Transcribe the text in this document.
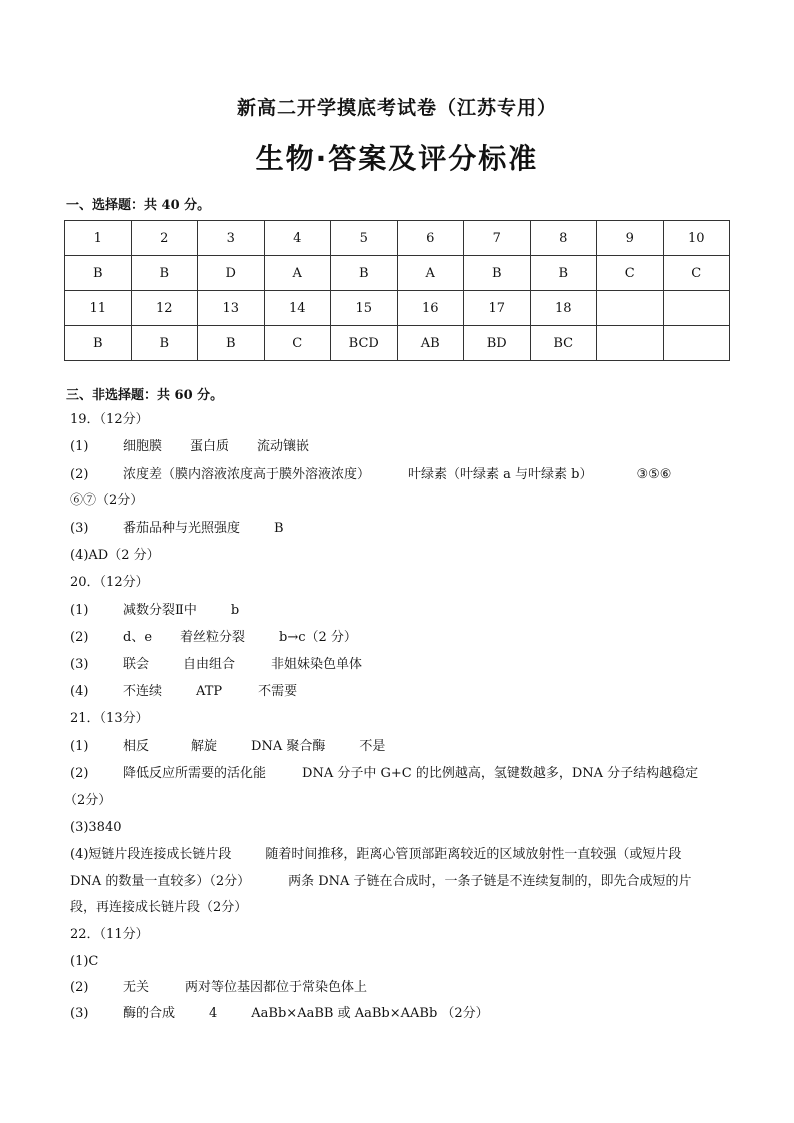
新高二开学摸底考试卷（江苏专用）
生物·答案及评分标准
一、选择题：共 40 分。
1	2	3	4	5	6	7	8	9	10
B	B	D	A	B	A	B	B	C	C
11	12	13	14	15	16	17	18		
B	B	B	C	BCD	AB	BD	BC		
三、非选择题：共 60 分。
19．（12分）
(1)	细胞膜 蛋白质 流动镶嵌
(2)	浓度差（膜内溶液浓度高于膜外溶液浓度）	叶绿素（叶绿素 a 与叶绿素 b）	③⑤⑥
⑥⑦（2分）
(3)	番茄品种与光照强度	B
(4)AD（2 分）
20．（12分）
(1)	减数分裂Ⅱ中	b
(2)	d、e 着丝粒分裂	b→c（2 分）
(3)	联会	自由组合	非姐妹染色单体
(4)	不连续	ATP	不需要
21．（13分）
(1)	相反	解旋	DNA 聚合酶	不是
(2)	降低反应所需要的活化能	DNA 分子中 G+C 的比例越高，氢键数越多，DNA 分子结构越稳定
（2分）
(3)3840
(4)短链片段连接成长链片段	随着时间推移，距离心管顶部距离较近的区域放射性一直较强（或短片段
DNA 的数量一直较多）（2分）	两条 DNA 子链在合成时，一条子链是不连续复制的，即先合成短的片
段，再连接成长链片段（2分）
22．（11分）
(1)C
(2)	无关	两对等位基因都位于常染色体上
(3)	酶的合成	4	AaBb×AaBB 或 AaBb×AABb （2分）
